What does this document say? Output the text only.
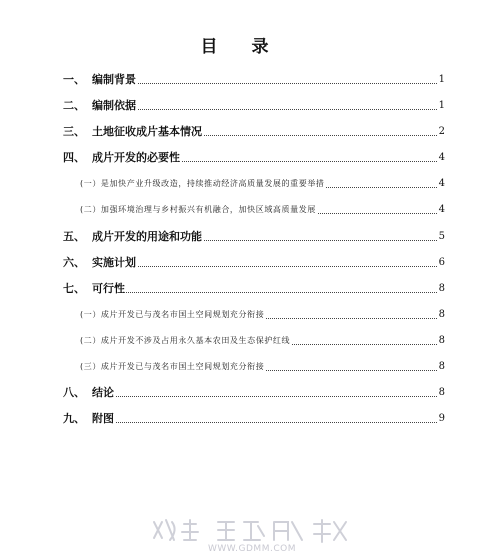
目 录
一、 编制背景	1
二、 编制依据	1
三、 土地征收成片基本情况	2
四、 成片开发的必要性	4
(一）是加快产业升级改造，持续推动经济高质量发展的重要举措	4
(二）加强环境治理与乡村振兴有机融合，加快区域高质量发展	4
五、 成片开发的用途和功能	5
六、 实施计划	6
七、 可行性	8
(一）成片开发已与茂名市国土空间规划充分衔接	8
(二）成片开发不涉及占用永久基本农田及生态保护红线	8
(三）成片开发已与茂名市国土空间规划充分衔接	8
八、 结论	8
九、 附图	9
WWW.GDMM.COM
